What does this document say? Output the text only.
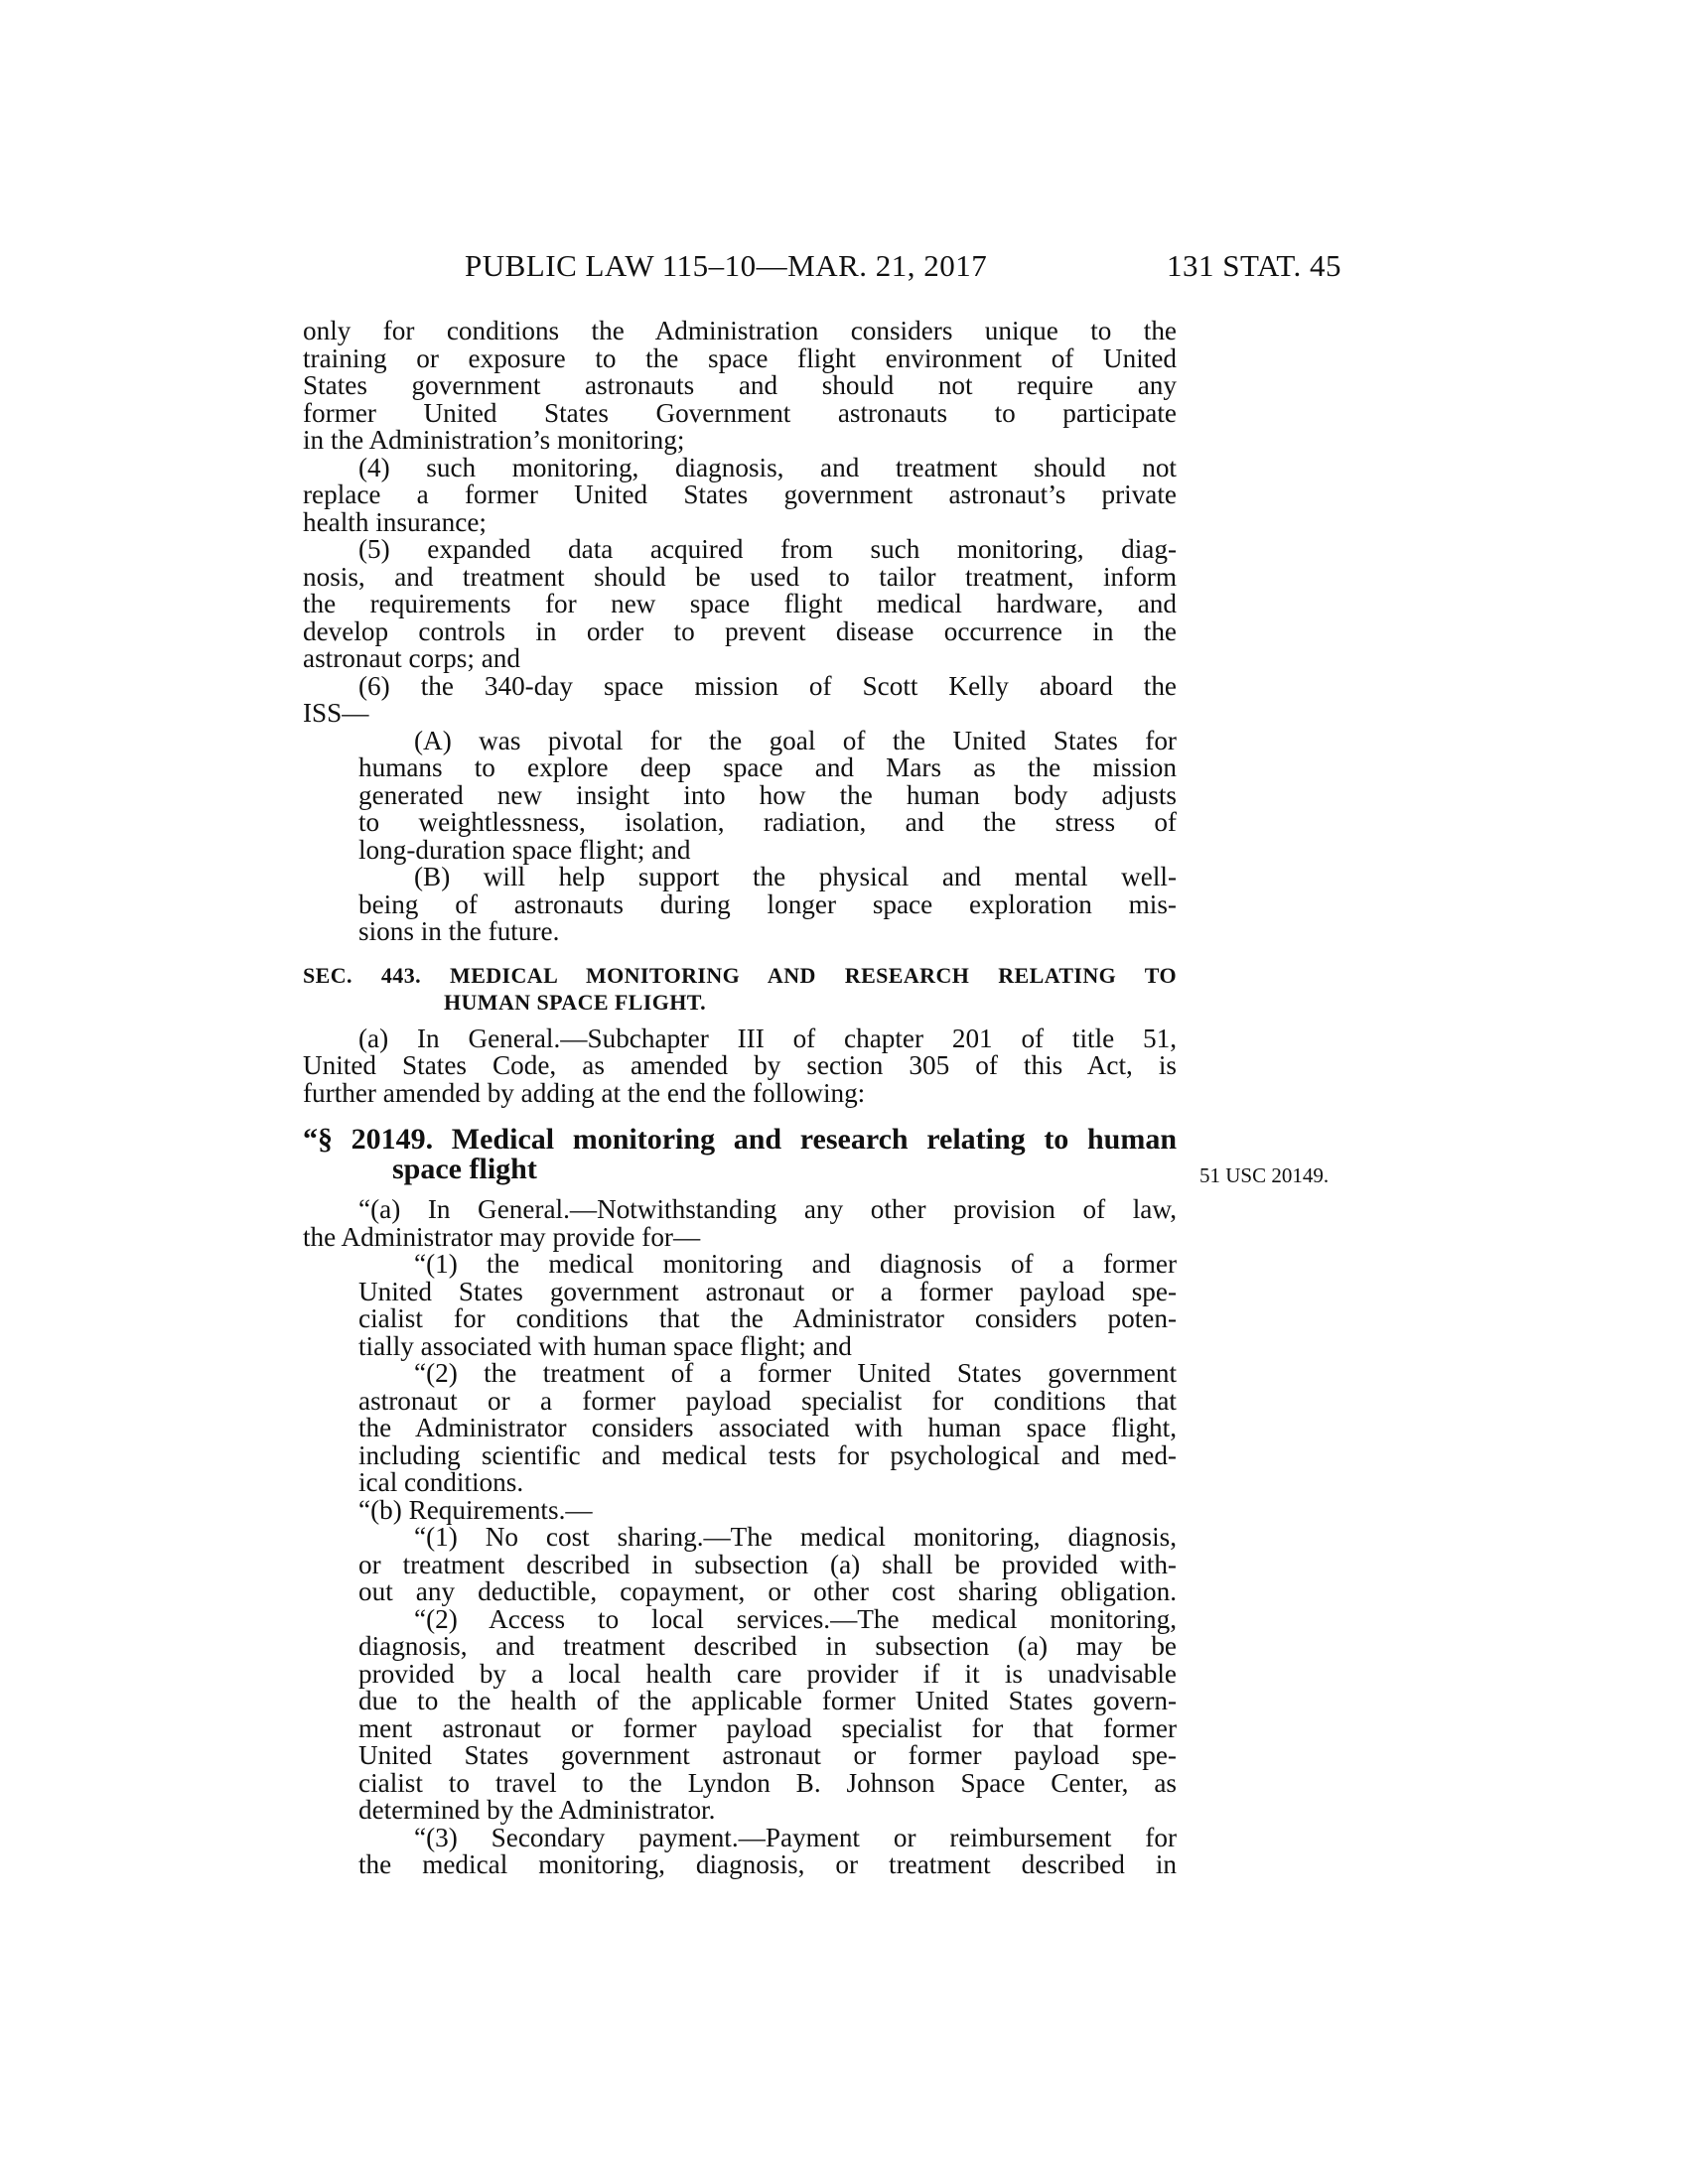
PUBLIC LAW 115–10—MAR. 21, 2017	131 STAT. 45
51 USC 20149.
only for conditions the Administration considers unique to the
training or exposure to the space flight environment of United
States government astronauts and should not require any
former United States Government astronauts to participate
in the Administration’s monitoring;
(4) such monitoring, diagnosis, and treatment should not
replace a former United States government astronaut’s private
health insurance;
(5) expanded data acquired from such monitoring, diag-
nosis, and treatment should be used to tailor treatment, inform
the requirements for new space flight medical hardware, and
develop controls in order to prevent disease occurrence in the
astronaut corps; and
(6) the 340-day space mission of Scott Kelly aboard the
ISS—
(A) was pivotal for the goal of the United States for
humans to explore deep space and Mars as the mission
generated new insight into how the human body adjusts
to weightlessness, isolation, radiation, and the stress of
long-duration space flight; and
(B) will help support the physical and mental well-
being of astronauts during longer space exploration mis-
sions in the future.
SEC. 443. MEDICAL MONITORING AND RESEARCH RELATING TO
HUMAN SPACE FLIGHT.
(a) In General.—Subchapter III of chapter 201 of title 51,
United States Code, as amended by section 305 of this Act, is
further amended by adding at the end the following:
“§ 20149. Medical monitoring and research relating to human
space flight
“(a) In General.—Notwithstanding any other provision of law,
the Administrator may provide for—
“(1) the medical monitoring and diagnosis of a former
United States government astronaut or a former payload spe-
cialist for conditions that the Administrator considers poten-
tially associated with human space flight; and
“(2) the treatment of a former United States government
astronaut or a former payload specialist for conditions that
the Administrator considers associated with human space flight,
including scientific and medical tests for psychological and med-
ical conditions.
“(b) Requirements.—
“(1) No cost sharing.—The medical monitoring, diagnosis,
or treatment described in subsection (a) shall be provided with-
out any deductible, copayment, or other cost sharing obligation.
“(2) Access to local services.—The medical monitoring,
diagnosis, and treatment described in subsection (a) may be
provided by a local health care provider if it is unadvisable
due to the health of the applicable former United States govern-
ment astronaut or former payload specialist for that former
United States government astronaut or former payload spe-
cialist to travel to the Lyndon B. Johnson Space Center, as
determined by the Administrator.
“(3) Secondary payment.—Payment or reimbursement for
the medical monitoring, diagnosis, or treatment described in
